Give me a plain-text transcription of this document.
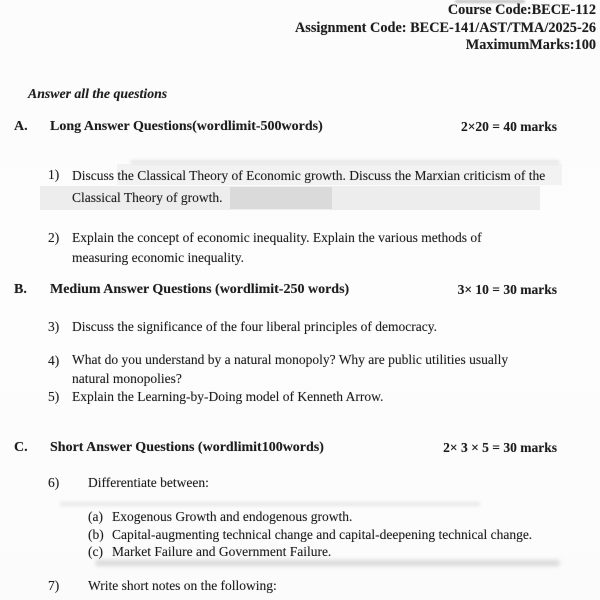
Course Code:BECE-112
Assignment Code: BECE-141/AST/TMA/2025-26
MaximumMarks:100
Answer all the questions
A. Long Answer Questions(wordlimit-500words)	2×20 = 40 marks
1) Discuss the Classical Theory of Economic growth. Discuss the Marxian criticism of the
Classical Theory of growth.
2) Explain the concept of economic inequality. Explain the various methods of
measuring economic inequality.
B. Medium Answer Questions (wordlimit-250 words)	3× 10 = 30 marks
3) Discuss the significance of the four liberal principles of democracy.
4) What do you understand by a natural monopoly? Why are public utilities usually
natural monopolies?
5) Explain the Learning-by-Doing model of Kenneth Arrow.
C. Short Answer Questions (wordlimit100words)	2× 3 × 5 = 30 marks
6)	Differentiate between:
(a) Exogenous Growth and endogenous growth.
(b) Capital-augmenting technical change and capital-deepening technical change.
(c) Market Failure and Government Failure.
7)	Write short notes on the following:
